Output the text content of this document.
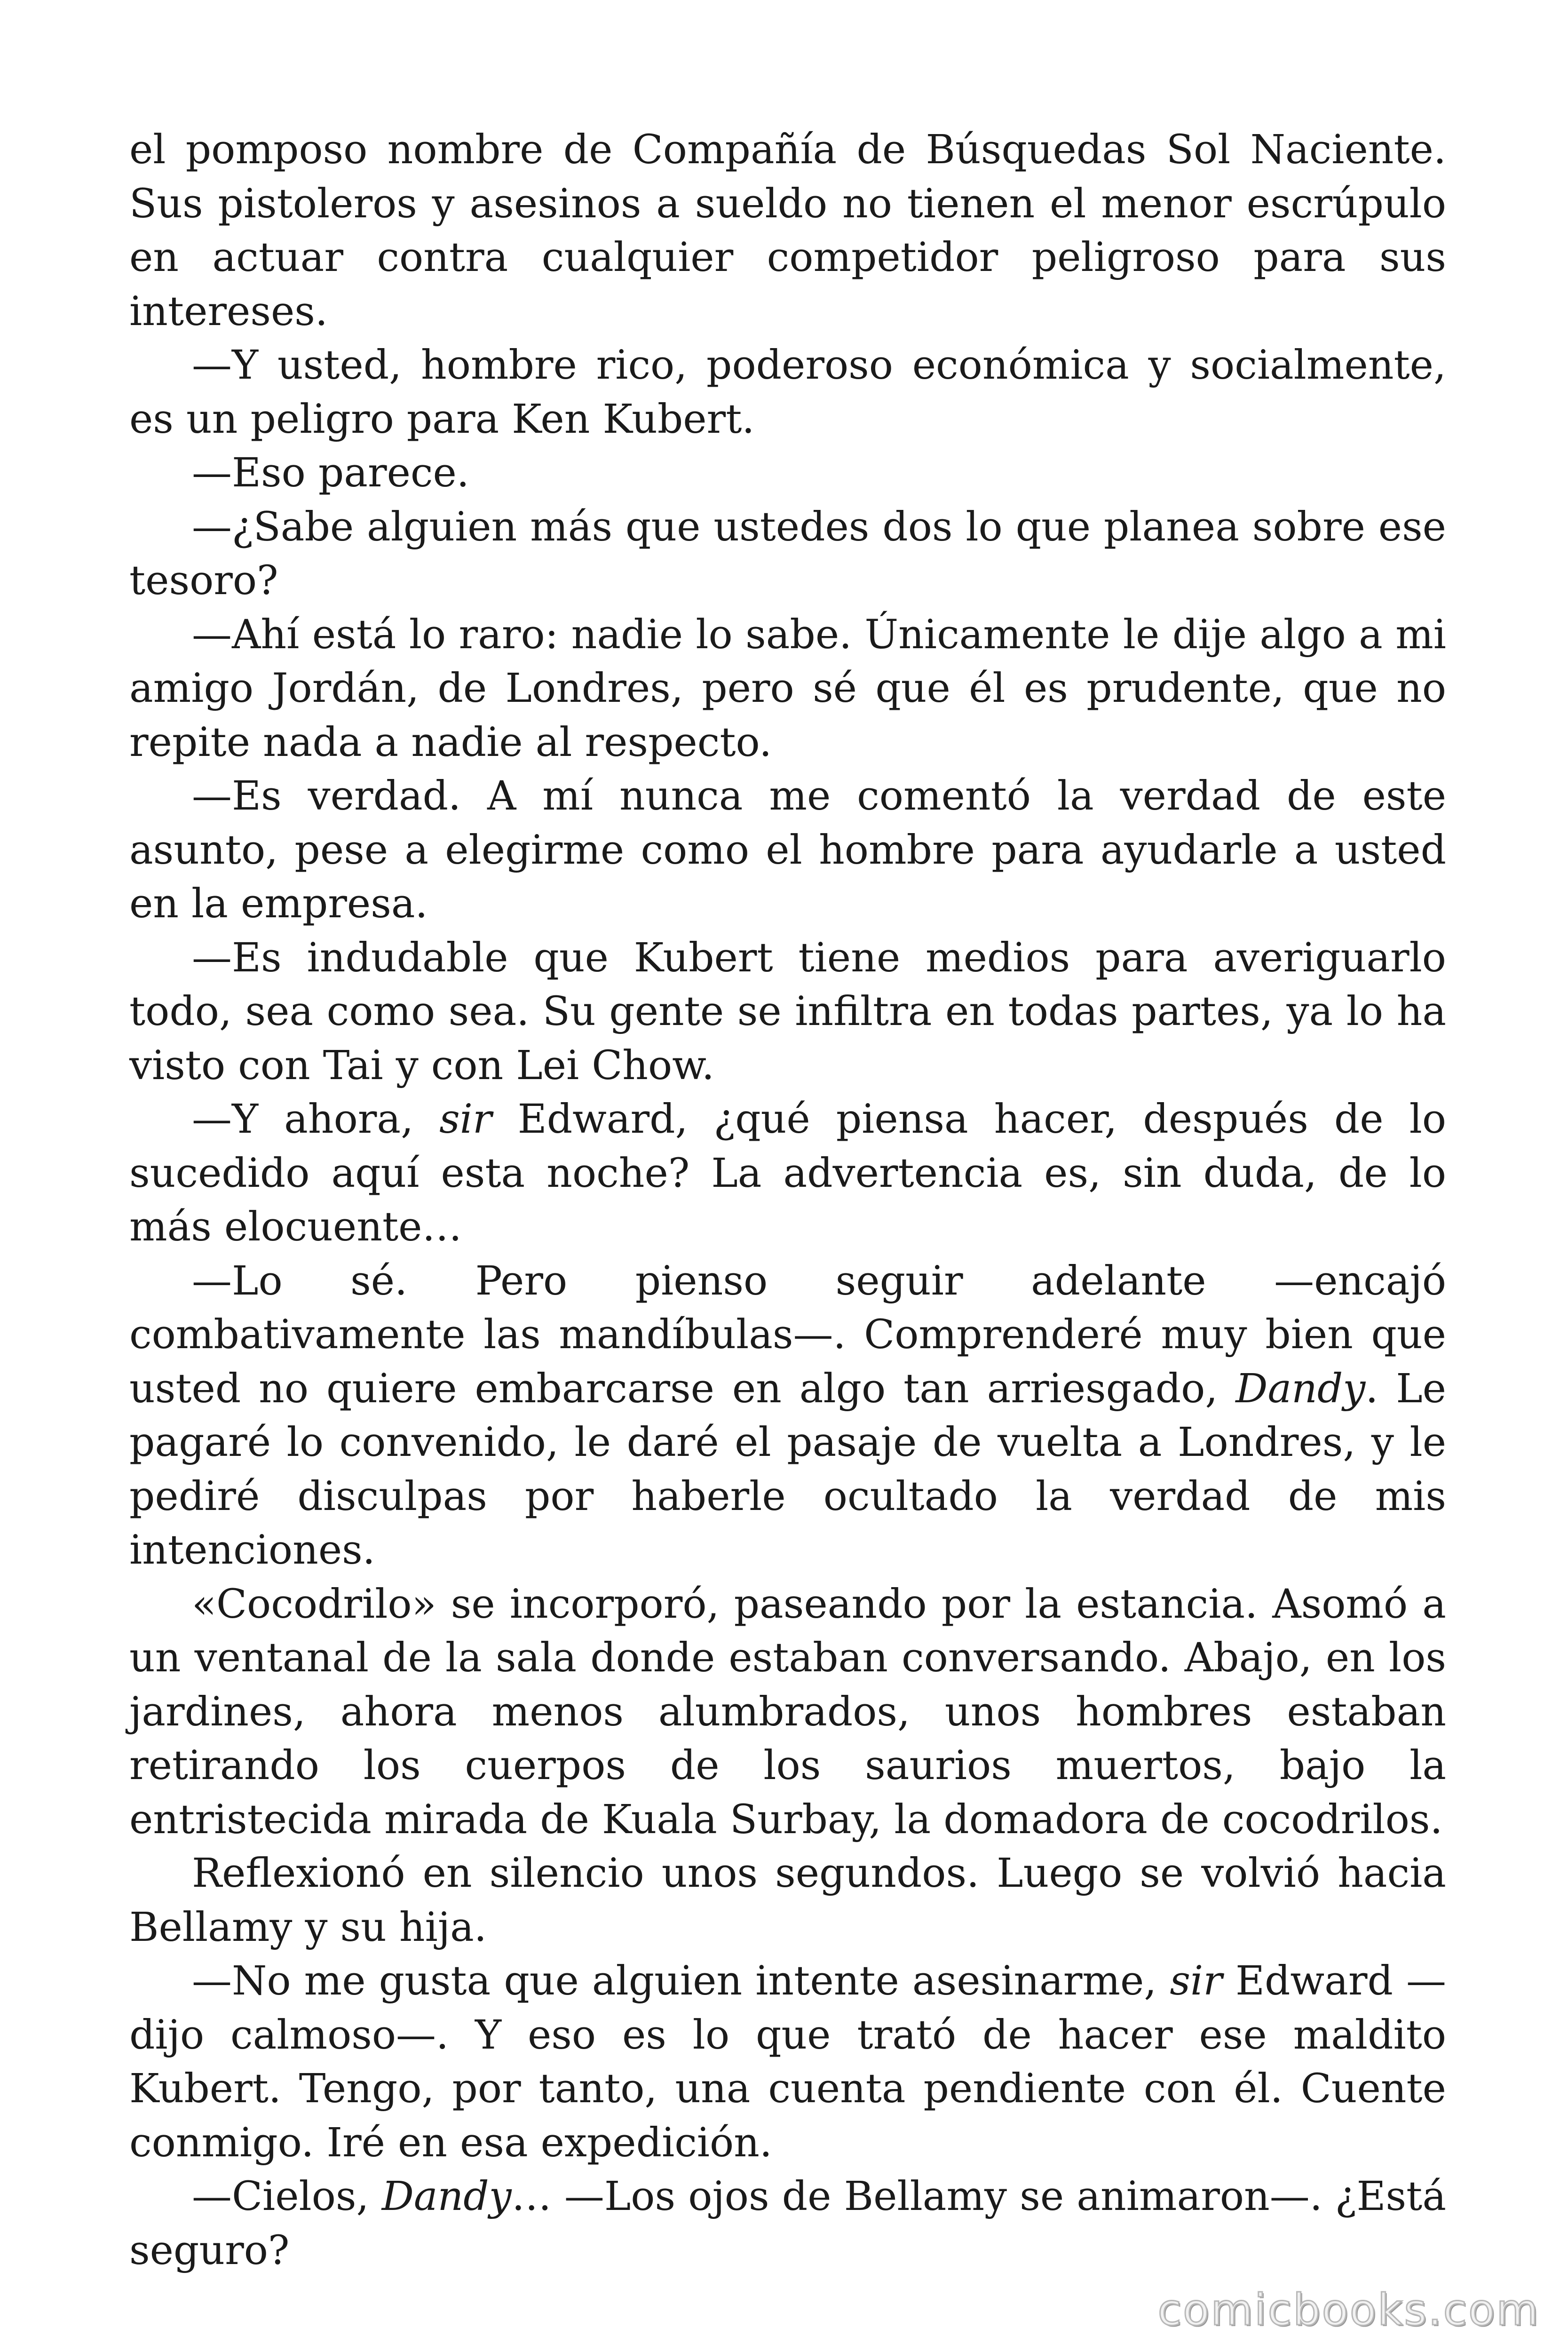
el pomposo nombre de Compañía de Búsquedas Sol Naciente. Sus pistoleros y asesinos a sueldo no tienen el menor escrúpulo en actuar contra cualquier competidor peligroso para sus intereses.

—Y usted, hombre rico, poderoso económica y socialmente, es un peligro para Ken Kubert.

—Eso parece.

—¿Sabe alguien más que ustedes dos lo que planea sobre ese tesoro?

—Ahí está lo raro: nadie lo sabe. Únicamente le dije algo a mi amigo Jordán, de Londres, pero sé que él es prudente, que no repite nada a nadie al respecto.

—Es verdad. A mí nunca me comentó la verdad de este asunto, pese a elegirme como el hombre para ayudarle a usted en la empresa.

—Es indudable que Kubert tiene medios para averiguarlo todo, sea como sea. Su gente se infiltra en todas partes, ya lo ha visto con Tai y con Lei Chow.

—Y ahora, sir Edward, ¿qué piensa hacer, después de lo sucedido aquí esta noche? La advertencia es, sin duda, de lo más elocuente…

—Lo sé. Pero pienso seguir adelante —encajó combativamente las mandíbulas—. Comprenderé muy bien que usted no quiere embarcarse en algo tan arriesgado, Dandy. Le pagaré lo convenido, le daré el pasaje de vuelta a Londres, y le pediré disculpas por haberle ocultado la verdad de mis intenciones.

«Cocodrilo» se incorporó, paseando por la estancia. Asomó a un ventanal de la sala donde estaban conversando. Abajo, en los jardines, ahora menos alumbrados, unos hombres estaban retirando los cuerpos de los saurios muertos, bajo la entristecida mirada de Kuala Surbay, la domadora de cocodrilos.

Reflexionó en silencio unos segundos. Luego se volvió hacia Bellamy y su hija.

—No me gusta que alguien intente asesinarme, sir Edward —dijo calmoso—. Y eso es lo que trató de hacer ese maldito Kubert. Tengo, por tanto, una cuenta pendiente con él. Cuente conmigo. Iré en esa expedición.

—Cielos, Dandy… —Los ojos de Bellamy se animaron—. ¿Está seguro?

comicbooks.com
